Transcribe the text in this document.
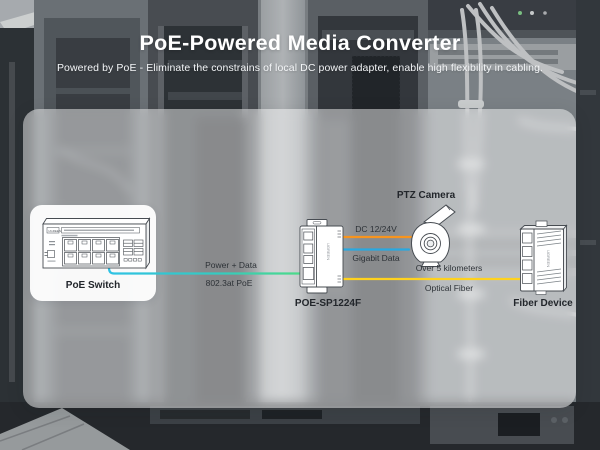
PoE-Powered Media Converter
Powered by PoE - Eliminate the constrains of local DC power adapter, enable high flexibility in cabling.
UGREEN
UGREEN	UGREEN
PoE Switch
POE-SP1224F
PTZ Camera
Fiber Device
Power + Data
802.3at PoE
DC 12/24V
Gigabit Data
Over 5 kilometers
Optical Fiber
